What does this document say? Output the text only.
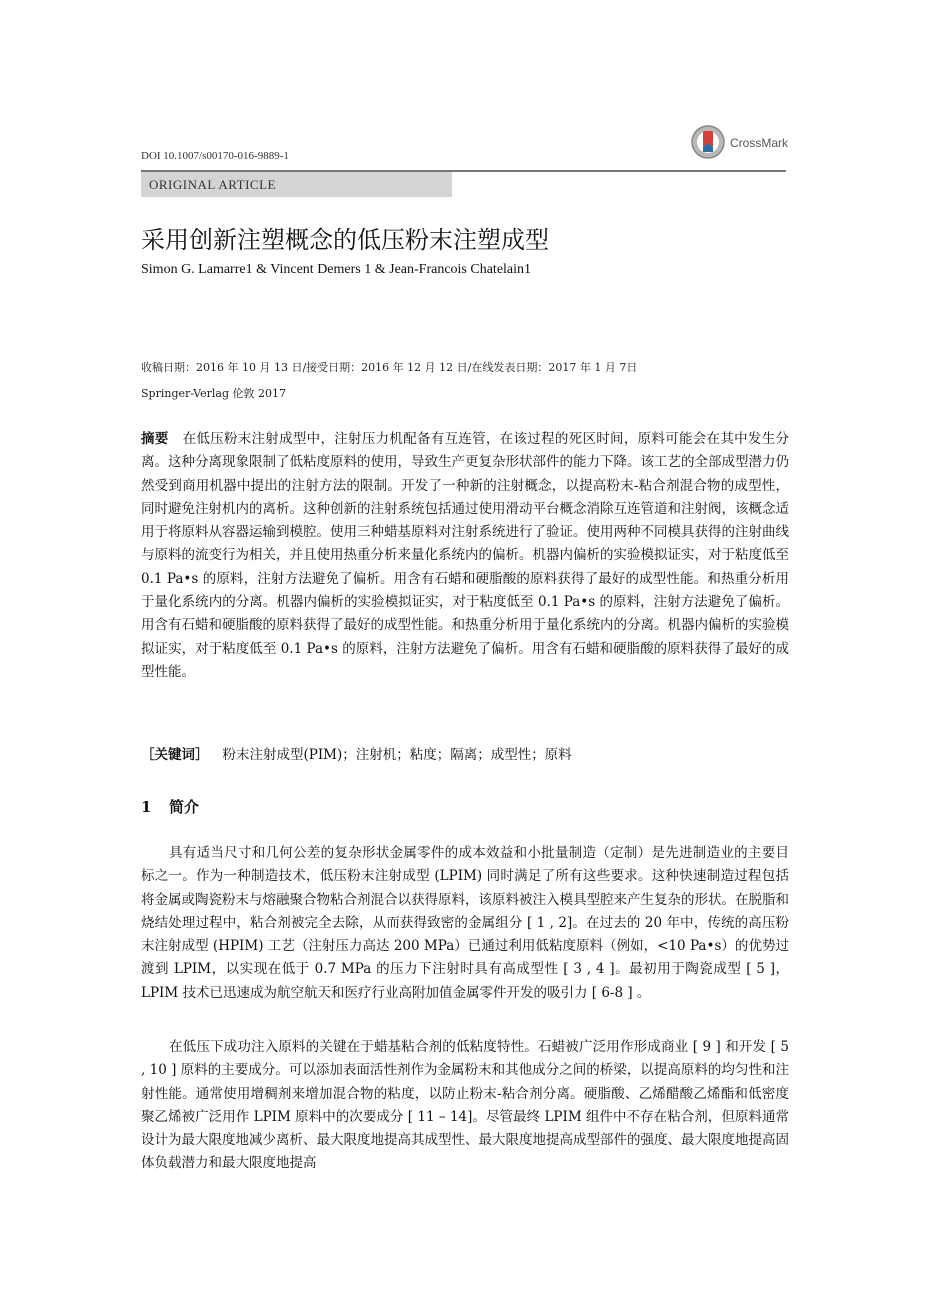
DOI 10.1007/s00170-016-9889-1
CrossMark
ORIGINAL ARTICLE
采用创新注塑概念的低压粉末注塑成型
Simon G. Lamarre1 & Vincent Demers 1 & Jean-Francois Chatelain1
收稿日期：2016 年 10 月 13 日/接受日期：2016 年 12 月 12 日/在线发表日期：2017 年 1 月 7日
Springer-Verlag 伦敦 2017
摘要 在低压粉末注射成型中，注射压力机配备有互连管，在该过程的死区时间，原料可能会在其中发生分离。这种分离现象限制了低粘度原料的使用，导致生产更复杂形状部件的能力下降。该工艺的全部成型潜力仍然受到商用机器中提出的注射方法的限制。开发了一种新的注射概念，以提高粉末-粘合剂混合物的成型性，同时避免注射机内的离析。这种创新的注射系统包括通过使用滑动平台概念消除互连管道和注射阀，该概念适用于将原料从容器运输到模腔。使用三种蜡基原料对注射系统进行了验证。使用两种不同模具获得的注射曲线与原料的流变行为相关，并且使用热重分析来量化系统内的偏析。机器内偏析的实验模拟证实，对于粘度低至 0.1 Pa•s 的原料，注射方法避免了偏析。用含有石蜡和硬脂酸的原料获得了最好的成型性能。和热重分析用于量化系统内的分离。机器内偏析的实验模拟证实，对于粘度低至 0.1 Pa•s 的原料，注射方法避免了偏析。用含有石蜡和硬脂酸的原料获得了最好的成型性能。和热重分析用于量化系统内的分离。机器内偏析的实验模拟证实，对于粘度低至 0.1 Pa•s 的原料，注射方法避免了偏析。用含有石蜡和硬脂酸的原料获得了最好的成型性能。
［关键词］ 粉末注射成型(PIM)；注射机；粘度；隔离；成型性；原料
1 简介
具有适当尺寸和几何公差的复杂形状金属零件的成本效益和小批量制造（定制）是先进制造业的主要目标之一。作为一种制造技术，低压粉末注射成型 (LPIM) 同时满足了所有这些要求。这种快速制造过程包括将金属或陶瓷粉末与熔融聚合物粘合剂混合以获得原料，该原料被注入模具型腔来产生复杂的形状。在脱脂和烧结处理过程中，粘合剂被完全去除，从而获得致密的金属组分 [ 1 , 2]。在过去的 20 年中，传统的高压粉末注射成型 (HPIM) 工艺（注射压力高达 200 MPa）已通过利用低粘度原料（例如，<10 Pa•s）的优势过渡到 LPIM，以实现在低于 0.7 MPa 的压力下注射时具有高成型性 [ 3 , 4 ]。最初用于陶瓷成型 [ 5 ]， LPIM 技术已迅速成为航空航天和医疗行业高附加值金属零件开发的吸引力 [ 6-8 ] 。
在低压下成功注入原料的关键在于蜡基粘合剂的低粘度特性。石蜡被广泛用作形成商业 [ 9 ] 和开发 [ 5 , 10 ] 原料的主要成分。可以添加表面活性剂作为金属粉末和其他成分之间的桥梁，以提高原料的均匀性和注射性能。通常使用增稠剂来增加混合物的粘度，以防止粉末-粘合剂分离。硬脂酸、乙烯醋酸乙烯酯和低密度聚乙烯被广泛用作 LPIM 原料中的次要成分 [ 11 – 14]。尽管最终 LPIM 组件中不存在粘合剂，但原料通常设计为最大限度地减少离析、最大限度地提高其成型性、最大限度地提高成型部件的强度、最大限度地提高固体负载潜力和最大限度地提高
